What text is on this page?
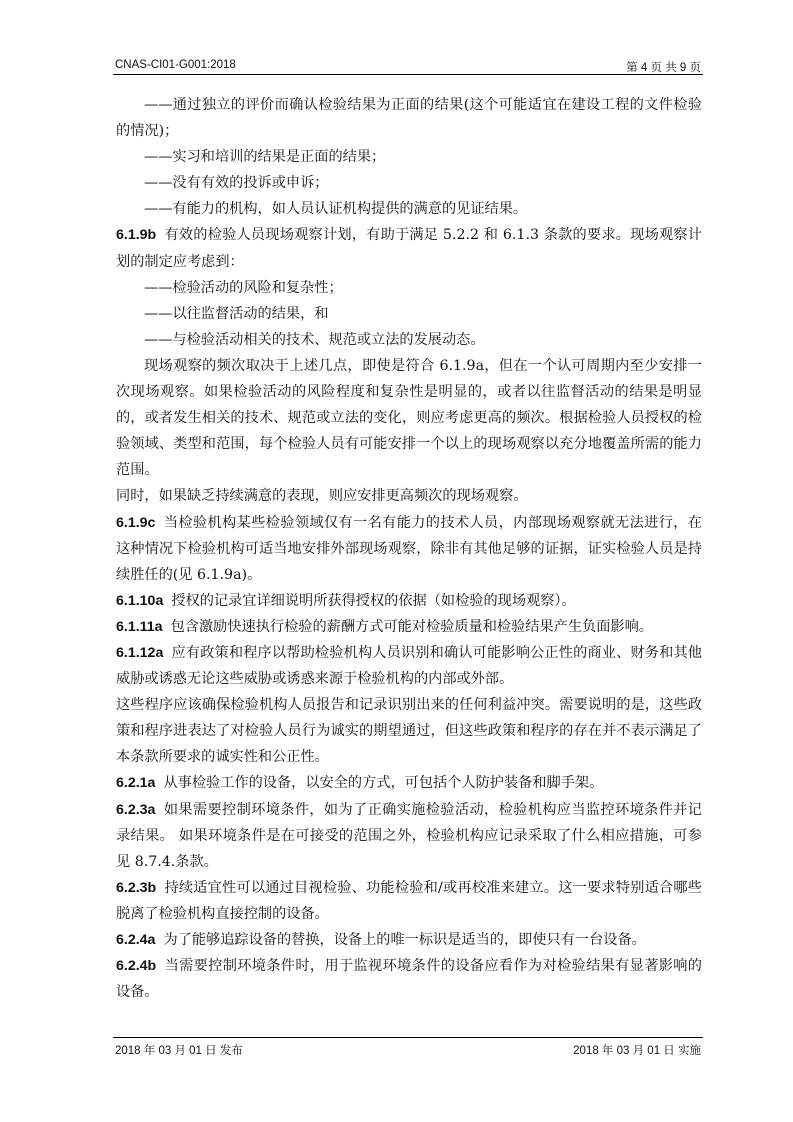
CNAS-CI01-G001:2018	第 4 页 共 9 页

——通过独立的评价而确认检验结果为正面的结果(这个可能适宜在建设工程的文件检验的情况)；

——实习和培训的结果是正面的结果；

——没有有效的投诉或申诉；

——有能力的机构，如人员认证机构提供的满意的见证结果。

6.1.9b 有效的检验人员现场观察计划，有助于满足 5.2.2 和 6.1.3 条款的要求。现场观察计划的制定应考虑到：

——检验活动的风险和复杂性；

——以往监督活动的结果，和

——与检验活动相关的技术、规范或立法的发展动态。

现场观察的频次取决于上述几点，即使是符合 6.1.9a，但在一个认可周期内至少安排一次现场观察。如果检验活动的风险程度和复杂性是明显的，或者以往监督活动的结果是明显的，或者发生相关的技术、规范或立法的变化，则应考虑更高的频次。根据检验人员授权的检验领域、类型和范围，每个检验人员有可能安排一个以上的现场观察以充分地覆盖所需的能力范围。

同时，如果缺乏持续满意的表现，则应安排更高频次的现场观察。

6.1.9c 当检验机构某些检验领域仅有一名有能力的技术人员，内部现场观察就无法进行，在这种情况下检验机构可适当地安排外部现场观察，除非有其他足够的证据，证实检验人员是持续胜任的(见 6.1.9a)。

6.1.10a 授权的记录宜详细说明所获得授权的依据（如检验的现场观察）。

6.1.11a 包含激励快速执行检验的薪酬方式可能对检验质量和检验结果产生负面影响。

6.1.12a 应有政策和程序以帮助检验机构人员识别和确认可能影响公正性的商业、财务和其他威胁或诱惑无论这些威胁或诱惑来源于检验机构的内部或外部。

这些程序应该确保检验机构人员报告和记录识别出来的任何利益冲突。需要说明的是，这些政策和程序进表达了对检验人员行为诚实的期望通过，但这些政策和程序的存在并不表示满足了本条款所要求的诚实性和公正性。

6.2.1a 从事检验工作的设备，以安全的方式，可包括个人防护装备和脚手架。

6.2.3a 如果需要控制环境条件，如为了正确实施检验活动，检验机构应当监控环境条件并记录结果。 如果环境条件是在可接受的范围之外，检验机构应记录采取了什么相应措施，可参见 8.7.4.条款。

6.2.3b 持续适宜性可以通过目视检验、功能检验和/或再校准来建立。这一要求特别适合哪些脱离了检验机构直接控制的设备。

6.2.4a 为了能够追踪设备的替换，设备上的唯一标识是适当的，即使只有一台设备。

6.2.4b 当需要控制环境条件时，用于监视环境条件的设备应看作为对检验结果有显著影响的设备。

2018 年 03 月 01 日 发布	2018 年 03 月 01 日 实施
